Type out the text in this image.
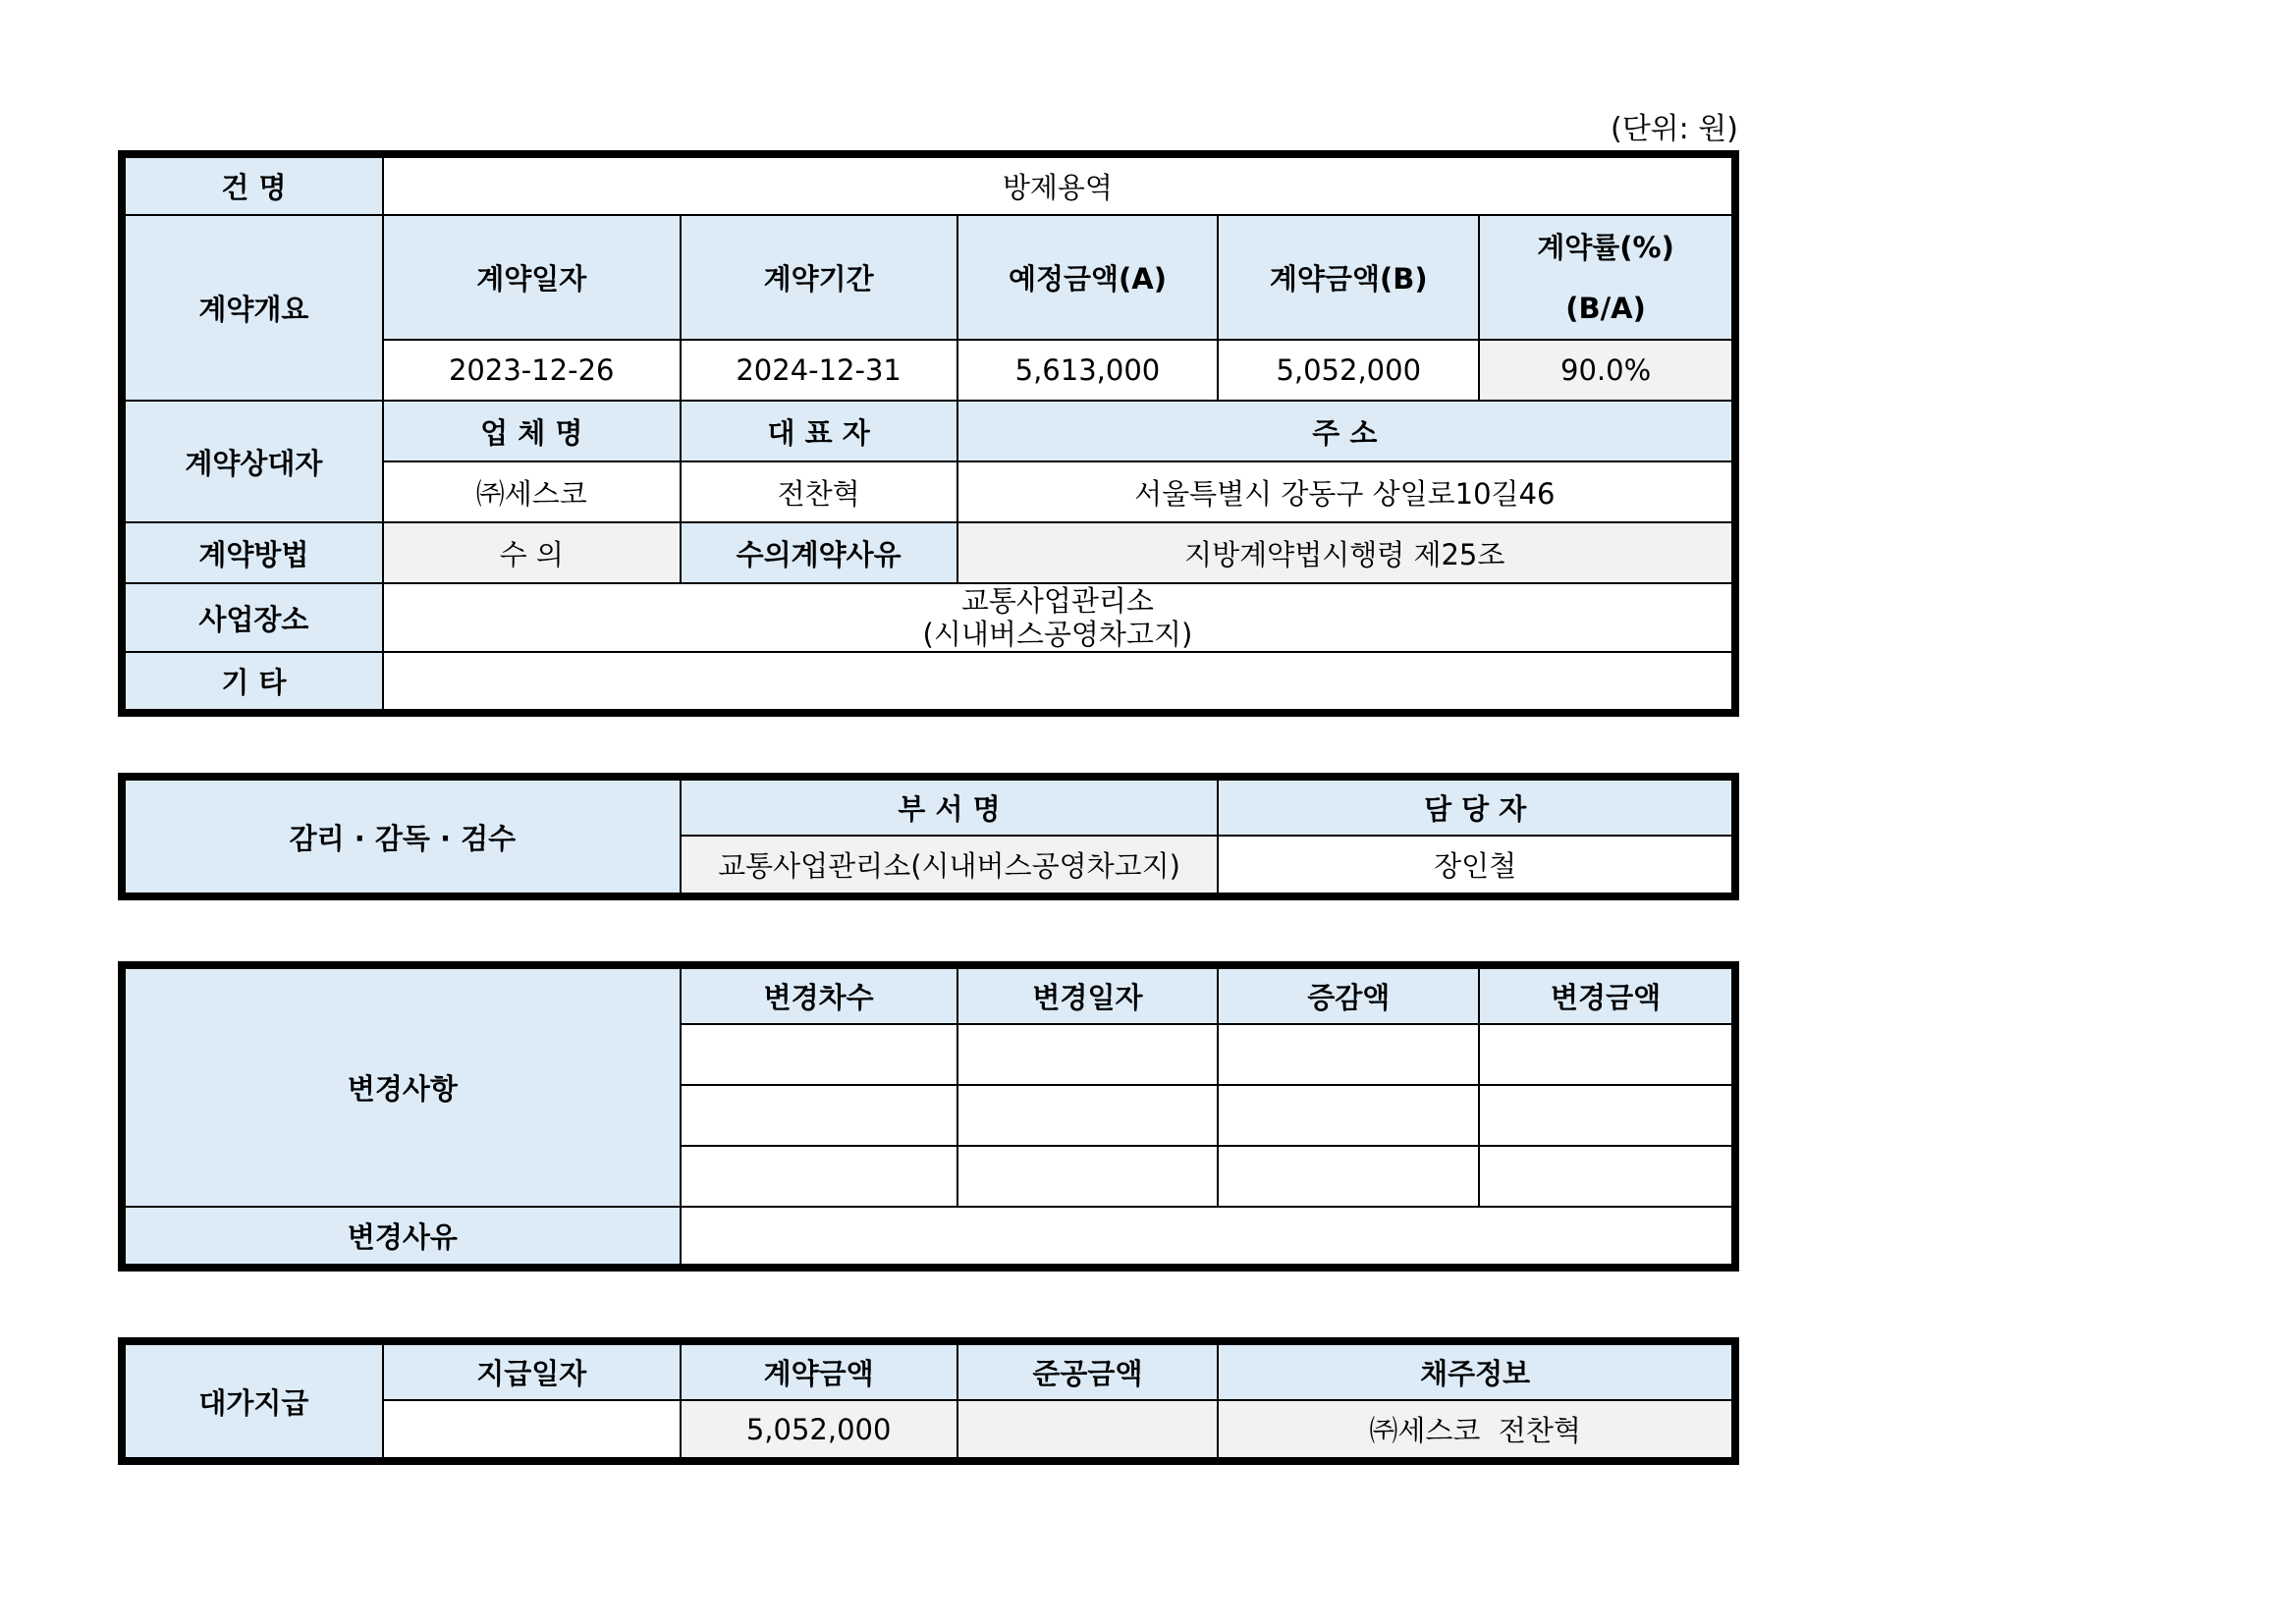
(단위: 원)
건 명	방제용역				
계약개요	계약일자	계약기간	예정금액(A)	계약금액(B)	계약률(%)
(B/A)

	2023-12-26	2024-12-31	5,613,000	5,052,000	90.0%
계약상대자	업 체 명	대 표 자	주 소		
	㈜세스코	전찬혁	서울특별시 강동구 상일로10길46		
계약방법	수 의	수의계약사유	지방계약법시행령 제25조		
사업장소	교통사업관리소
(시내버스공영차고지)				

기 타					
감리 · 감독 · 검수	부 서 명	담 당 자
	교통사업관리소(시내버스공영차고지)	장인철
변경사항	변경차수	변경일자	증감액	변경금액

변경사유				
대가지급	지급일자	계약금액	준공금액	채주정보
		5,052,000		㈜세스코  전찬혁
